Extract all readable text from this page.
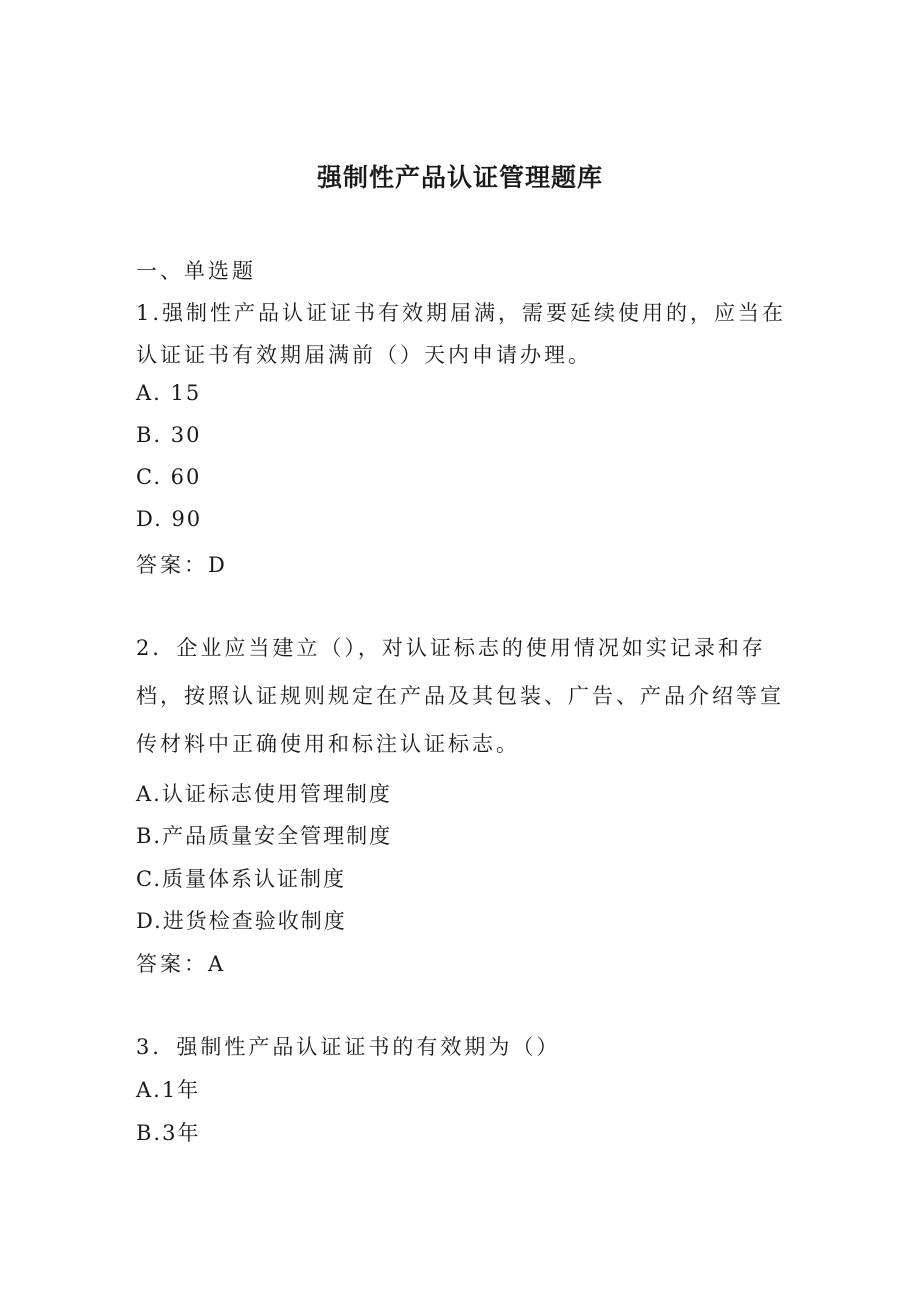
强制性产品认证管理题库
一、单选题
1.强制性产品认证证书有效期届满，需要延续使用的，应当在
认证证书有效期届满前（）天内申请办理。
A. 15
B. 30
C. 60
D. 90
答案：D
2．企业应当建立（），对认证标志的使用情况如实记录和存
档，按照认证规则规定在产品及其包装、广告、产品介绍等宣
传材料中正确使用和标注认证标志。
A.认证标志使用管理制度
B.产品质量安全管理制度
C.质量体系认证制度
D.进货检查验收制度
答案：A
3．强制性产品认证证书的有效期为（）
A.1年
B.3年
